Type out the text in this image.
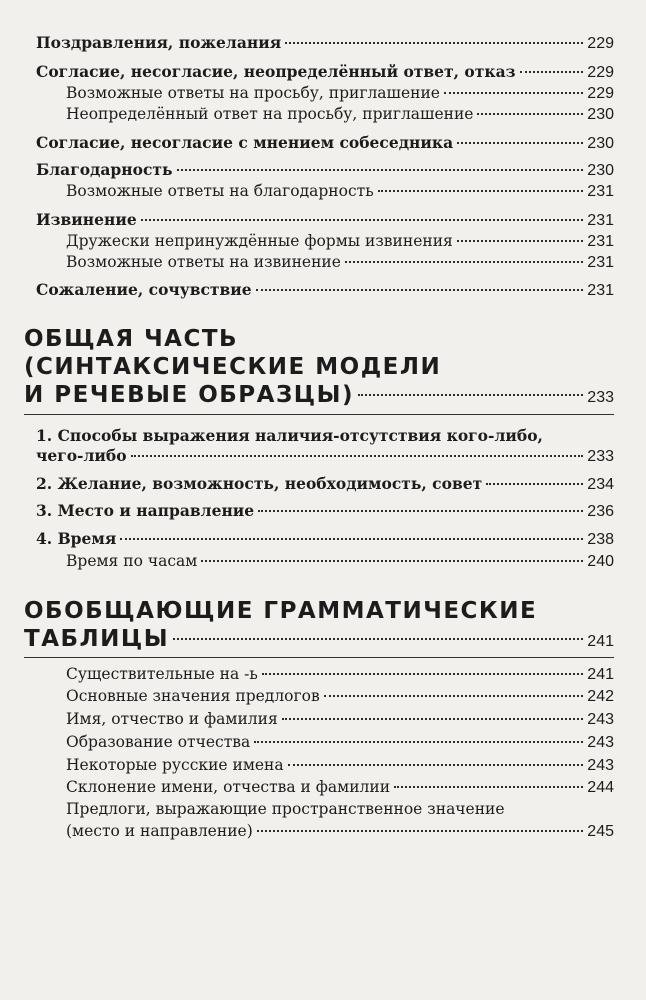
Поздравления, пожелания	229
Согласие, несогласие, неопределённый ответ, отказ	229
Возможные ответы на просьбу, приглашение	229
Неопределённый ответ на просьбу, приглашение	230
Согласие, несогласие с мнением собеседника	230
Благодарность	230
Возможные ответы на благодарность	231
Извинение	231
Дружески непринуждённые формы извинения	231
Возможные ответы на извинение	231
Сожаление, сочувствие	231
ОБЩАЯ ЧАСТЬ
(СИНТАКСИЧЕСКИЕ МОДЕЛИ
И РЕЧЕВЫЕ ОБРАЗЦЫ)	233
1. Способы выражения наличия-отсутствия кого-либо,
чего-либо	233
2. Желание, возможность, необходимость, совет	234
3. Место и направление	236
4. Время	238
Время по часам	240
ОБОБЩАЮЩИЕ ГРАММАТИЧЕСКИЕ
ТАБЛИЦЫ	241
Существительные на -ь	241
Основные значения предлогов	242
Имя, отчество и фамилия	243
Образование отчества	243
Некоторые русские имена	243
Склонение имени, отчества и фамилии	244
Предлоги, выражающие пространственное значение
(место и направление)	245
